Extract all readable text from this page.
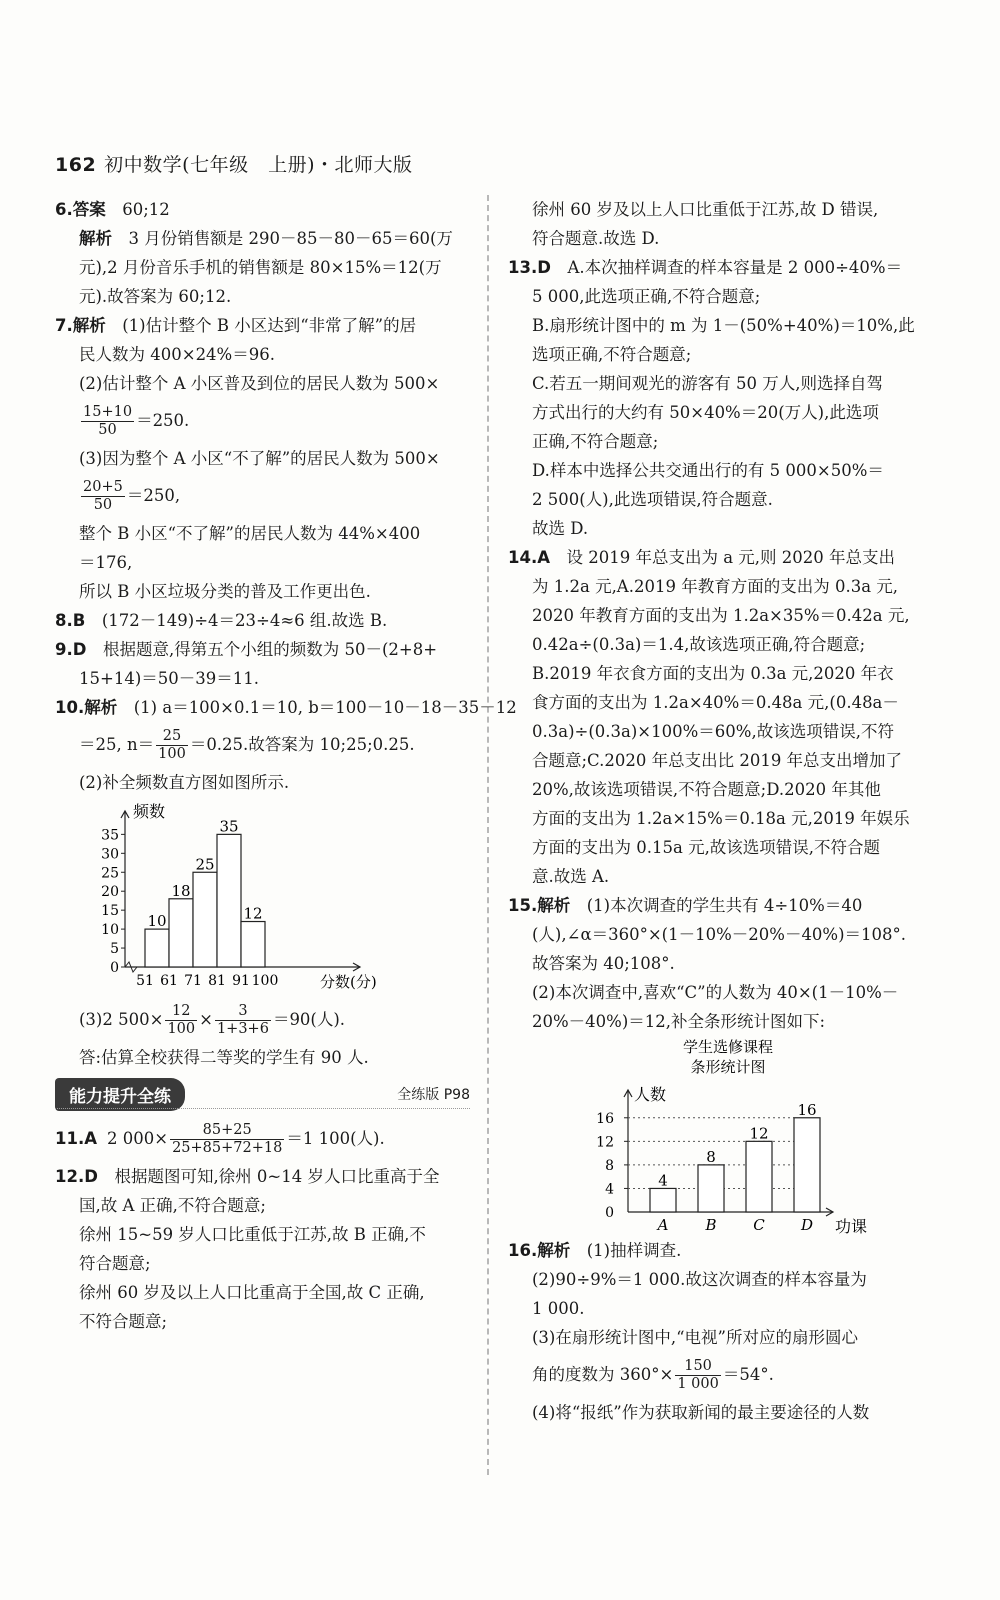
162 初中数学(七年级　上册)・北师大版
6.答案　 60;12
解析　 3 月份销售额是 290－85－80－65＝60(万
元),2 月份音乐手机的销售额是 80×15%＝12(万
元).故答案为 60;12.
7.解析　 (1)估计整个 B 小区达到“非常了解”的居
民人数为 400×24%＝96.
(2)估计整个 A 小区普及到位的居民人数为 500×
$\frac{15+10}{50} =250$.
(3)因为整个 A 小区“不了解”的居民人数为 500×
$\frac{20+5}{50} =250$,
整个 B 小区“不了解”的居民人数为 44%×400
＝176,
所以 B 小区垃圾分类的普及工作更出色.
8.B　 (172－149)÷4＝23÷4≈6 组.故选 B.
9.D　 根据题意,得第五个小组的频数为 50－(2+8+
15+14)＝50－39＝11.
10.解析　 (1) a＝100×0.1＝10, b＝100－10－18－35－12
＝25, $n= \frac{25}{100} =0.25$.故答案为 10;25;0.25.
(2)补全频数直方图如图所示.
频数
0
5
10
15
20
25
30
35
10
18
25
35
12
51 61 71 81 91 100	分数(分)
(3)2 $500\times \frac{12}{100} \times \frac{3}{1+3+6} =90$(人).
答:估算全校获得二等奖的学生有 90 人.
能力提升全练	全练版 P98
11.A 2 $000\times \frac{85+25}{25+85+72+18} =1$ 100(人).
12.D　 根据题图可知,徐州 0~14 岁人口比重高于全
国,故 A 正确,不符合题意;
徐州 15~59 岁人口比重低于江苏,故 B 正确,不
符合题意;
徐州 60 岁及以上人口比重高于全国,故 C 正确,
不符合题意;
徐州 60 岁及以上人口比重低于江苏,故 D 错误,
符合题意.故选 D.
13.D　 A.本次抽样调查的样本容量是 2 000÷40%＝
5 000,此选项正确,不符合题意;
B.扇形统计图中的 m 为 1－(50%+40%)＝10%,此
选项正确,不符合题意;
C.若五一期间观光的游客有 50 万人,则选择自驾
方式出行的大约有 50×40%＝20(万人),此选项
正确,不符合题意;
D.样本中选择公共交通出行的有 5 000×50%＝
2 500(人),此选项错误,符合题意.
故选 D.
14.A　 设 2019 年总支出为 a 元,则 2020 年总支出
为 1.2a 元,A.2019 年教育方面的支出为 0.3a 元,
2020 年教育方面的支出为 1.2a×35%＝0.42a 元,
0.42a÷(0.3a)＝1.4,故该选项正确,符合题意;
B.2019 年衣食方面的支出为 0.3a 元,2020 年衣
食方面的支出为 1.2a×40%＝0.48a 元,(0.48a－
0.3a)÷(0.3a)×100%＝60%,故该选项错误,不符
合题意;C.2020 年总支出比 2019 年总支出增加了
20%,故该选项错误,不符合题意;D.2020 年其他
方面的支出为 1.2a×15%＝0.18a 元,2019 年娱乐
方面的支出为 0.15a 元,故该选项错误,不符合题
意.故选 A.
15.解析　 (1)本次调查的学生共有 4÷10%＝40
(人),∠α＝360°×(1－10%－20%－40%)＝108°.
故答案为 40;108°.
(2)本次调查中,喜欢“C”的人数为 40×(1－10%－
20%－40%)＝12,补全条形统计图如下:
学生选修课程
条形统计图
人数
0
4
8
12
16
4
A
8
B
12
C
16
D 功课
16.解析　 (1)抽样调查.
(2)90÷9%＝1 000.故这次调查的样本容量为
1 000.
(3)在扇形统计图中,“电视”所对应的扇形圆心
角的度数为 $360^\circ\times \frac{150}{1 000} =54^\circ$.
(4)将“报纸”作为获取新闻的最主要途径的人数
